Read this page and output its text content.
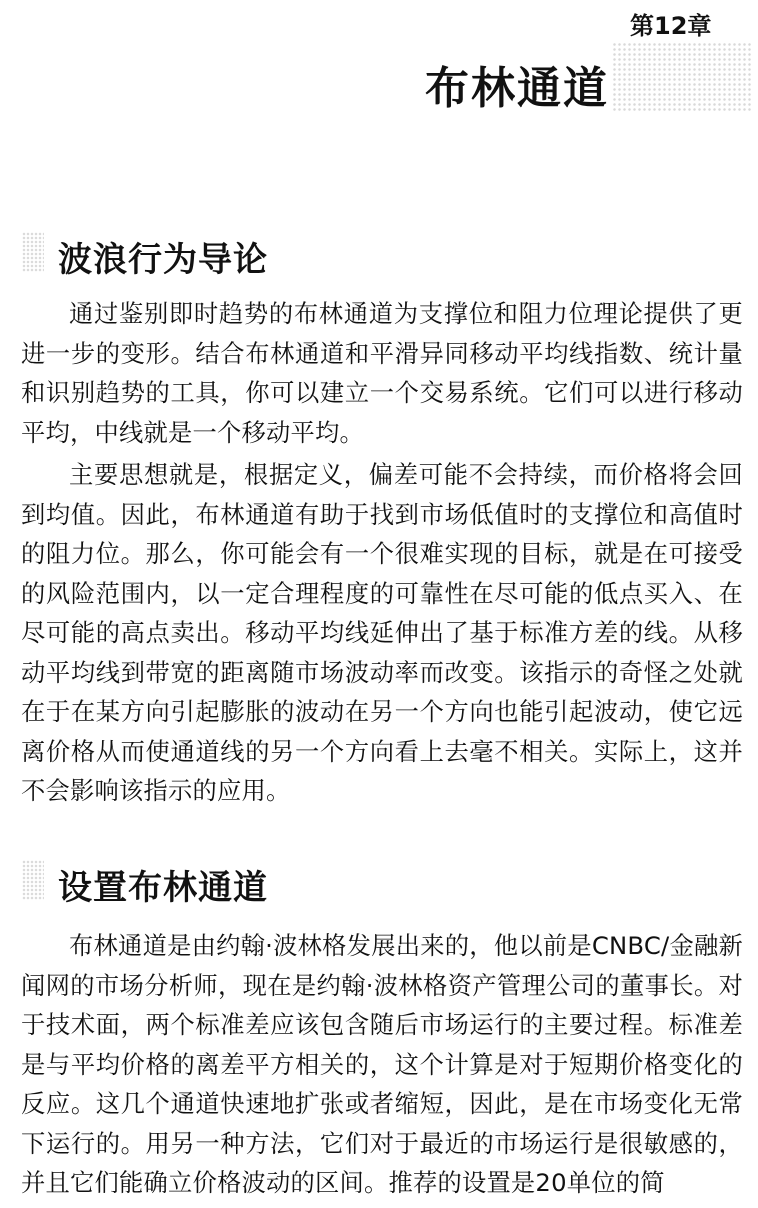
第12章
布林通道
波浪行为导论

通过鉴别即时趋势的布林通道为支撑位和阻力位理论提供了更进一步的变形。结合布林通道和平滑异同移动平均线指数、统计量和识别趋势的工具，你可以建立一个交易系统。它们可以进行移动平均，中线就是一个移动平均。

主要思想就是，根据定义，偏差可能不会持续，而价格将会回到均值。因此，布林通道有助于找到市场低值时的支撑位和高值时的阻力位。那么，你可能会有一个很难实现的目标，就是在可接受的风险范围内，以一定合理程度的可靠性在尽可能的低点买入、在尽可能的高点卖出。移动平均线延伸出了基于标准方差的线。从移动平均线到带宽的距离随市场波动率而改变。该指示的奇怪之处就在于在某方向引起膨胀的波动在另一个方向也能引起波动，使它远离价格从而使通道线的另一个方向看上去毫不相关。实际上，这并不会影响该指示的应用。

设置布林通道

布林通道是由约翰·波林格发展出来的，他以前是CNBC/金融新闻网的市场分析师，现在是约翰·波林格资产管理公司的董事长。对于技术面，两个标准差应该包含随后市场运行的主要过程。标准差是与平均价格的离差平方相关的，这个计算是对于短期价格变化的反应。这几个通道快速地扩张或者缩短，因此，是在市场变化无常下运行的。用另一种方法，它们对于最近的市场运行是很敏感的，并且它们能确立价格波动的区间。推荐的设置是20单位的简
